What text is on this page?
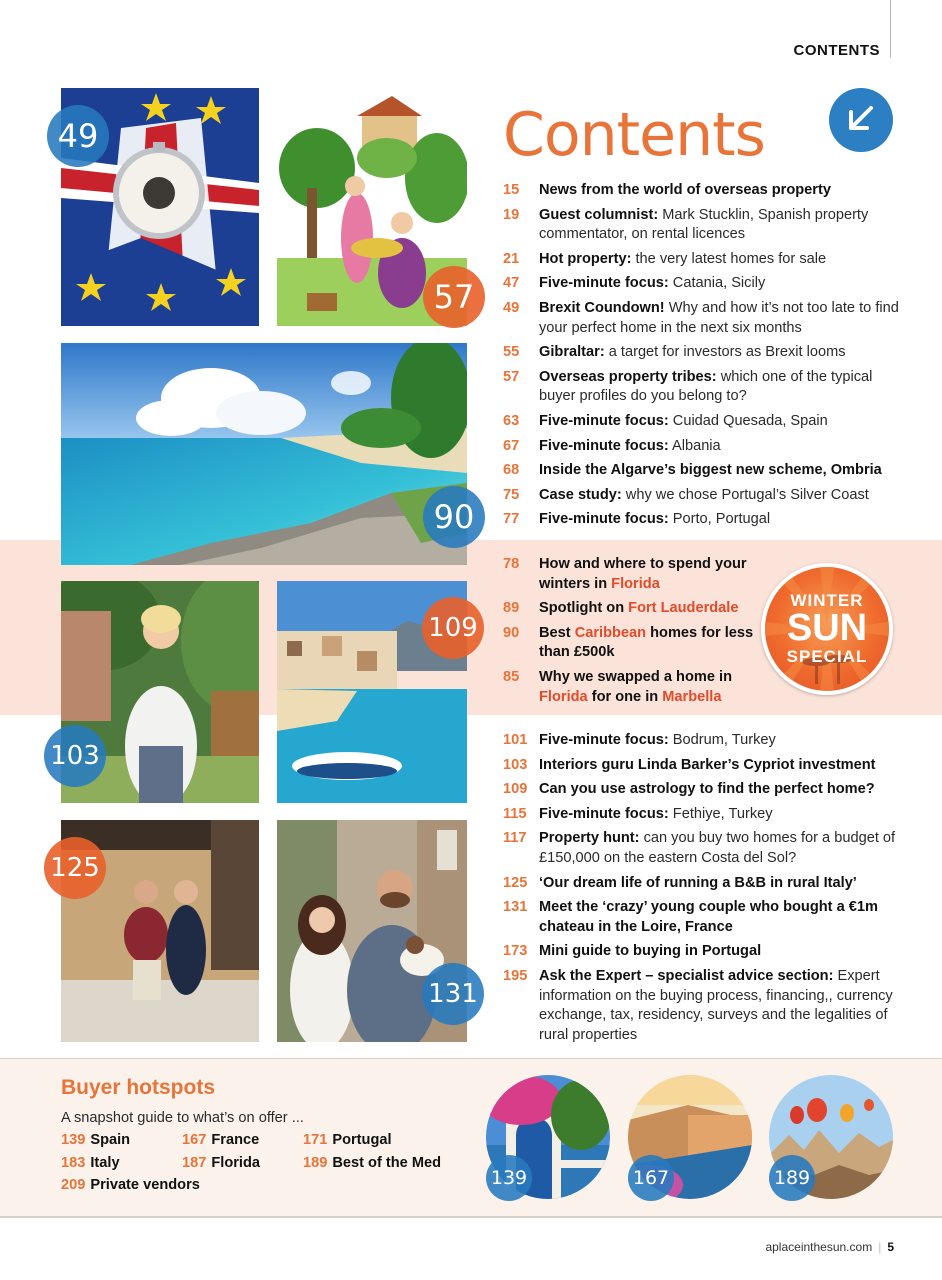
CONTENTS
49
57
90
103
109
125
131
Contents
15	News from the world of overseas property
19	Guest columnist: Mark Stucklin, Spanish property commentator, on rental licences
21	Hot property: the very latest homes for sale
47	Five-minute focus: Catania, Sicily
49	Brexit Coundown! Why and how it’s not too late to find your perfect home in the next six months
55	Gibraltar: a target for investors as Brexit looms
57	Overseas property tribes: which one of the typical buyer profiles do you belong to?
63	Five-minute focus: Cuidad Quesada, Spain
67	Five-minute focus: Albania
68	Inside the Algarve’s biggest new scheme, Ombria
75	Case study: why we chose Portugal’s Silver Coast
77	Five-minute focus: Porto, Portugal
78	How and where to spend your winters in Florida
89	Spotlight on Fort Lauderdale
90	Best Caribbean homes for less than £500k
85	Why we swapped a home in Florida for one in Marbella
WINTER
SUN
SPECIAL
101 Five-minute focus: Bodrum, Turkey
103 Interiors guru Linda Barker’s Cypriot investment
109 Can you use astrology to find the perfect home?
115 Five-minute focus: Fethiye, Turkey
117 Property hunt: can you buy two homes for a budget of £150,000 on the eastern Costa del Sol?
125 ‘Our dream life of running a B&B in rural Italy’
131 Meet the ‘crazy’ young couple who bought a €1m chateau in the Loire, France
173 Mini guide to buying in Portugal
195 Ask the Expert – specialist advice section: Expert information on the buying process, financing,, currency exchange, tax, residency, surveys and the legalities of rural properties
Buyer hotspots
A snapshot guide to what’s on offer ...
139 Spain	167 France	171 Portugal
183 Italy	187 Florida	189 Best of the Med
209 Private vendors	139	167	189
aplaceinthesun.com | 5
